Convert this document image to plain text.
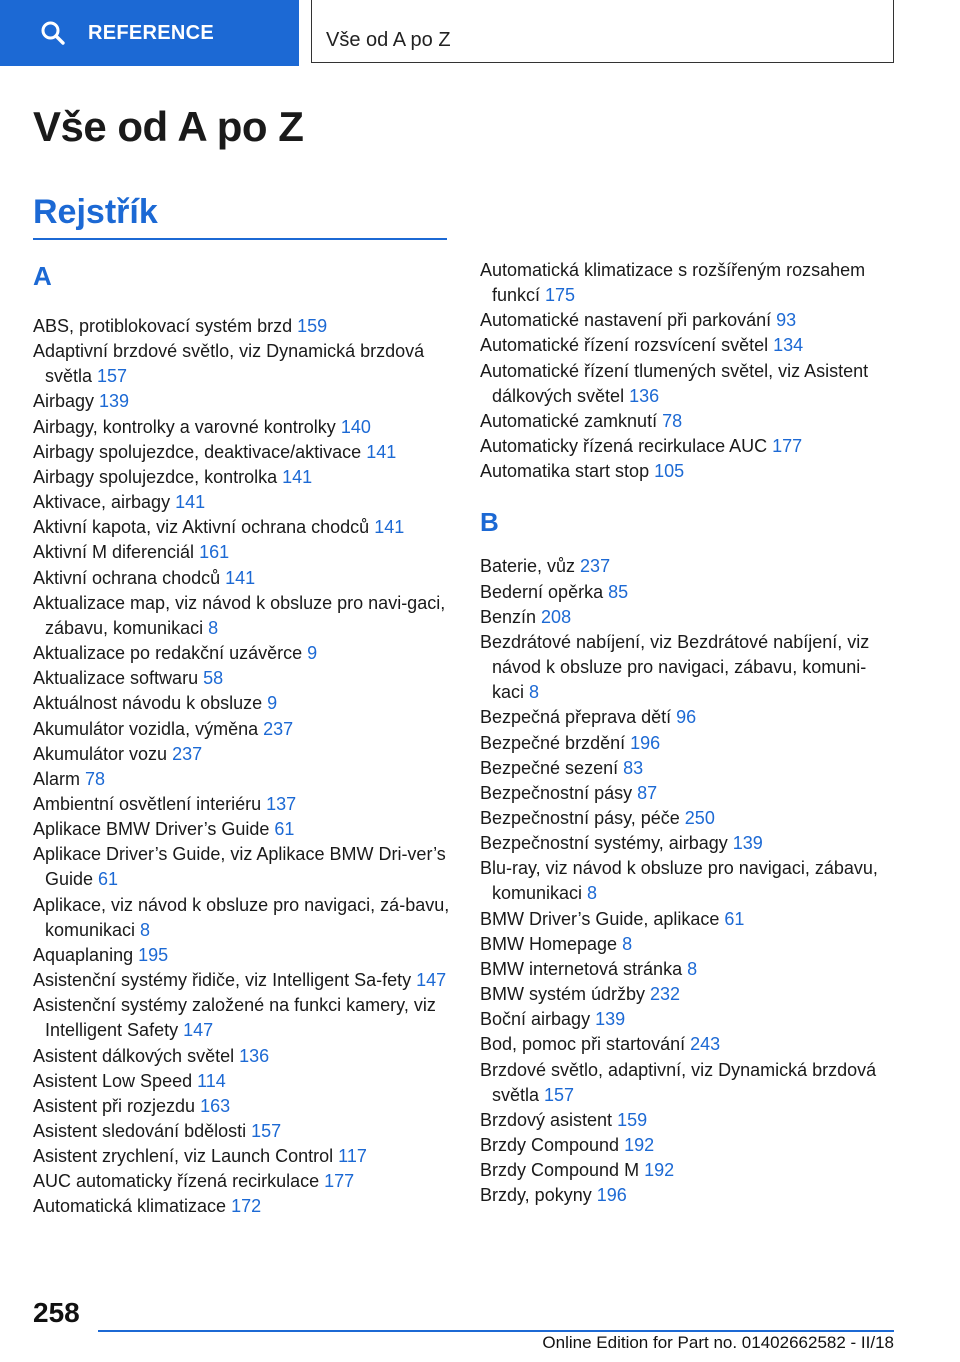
REFERENCE	Vše od A po Z
Vše od A po Z
Rejstřík
A
ABS, protiblokovací systém brzd 159
Adaptivní brzdové světlo, viz Dynamická brzdová světla 157
Airbagy 139
Airbagy, kontrolky a varovné kontrolky 140
Airbagy spolujezdce, deaktivace/aktivace 141
Airbagy spolujezdce, kontrolka 141
Aktivace, airbagy 141
Aktivní kapota, viz Aktivní ochrana chodců 141
Aktivní M diferenciál 161
Aktivní ochrana chodců 141
Aktualizace map, viz návod k obsluze pro navi-gaci, zábavu, komunikaci 8
Aktualizace po redakční uzávěrce 9
Aktualizace softwaru 58
Aktuálnost návodu k obsluze 9
Akumulátor vozidla, výměna 237
Akumulátor vozu 237
Alarm 78
Ambientní osvětlení interiéru 137
Aplikace BMW Driver’s Guide 61
Aplikace Driver’s Guide, viz Aplikace BMW Dri-ver’s Guide 61
Aplikace, viz návod k obsluze pro navigaci, zá-bavu, komunikaci 8
Aquaplaning 195
Asistenční systémy řidiče, viz Intelligent Sa-fety 147
Asistenční systémy založené na funkci kamery, viz Intelligent Safety 147
Asistent dálkových světel 136
Asistent Low Speed 114
Asistent při rozjezdu 163
Asistent sledování bdělosti 157
Asistent zrychlení, viz Launch Control 117
AUC automaticky řízená recirkulace 177
Automatická klimatizace 172
Automatická klimatizace s rozšířeným rozsahem funkcí 175
Automatické nastavení při parkování 93
Automatické řízení rozsvícení světel 134
Automatické řízení tlumených světel, viz Asistent dálkových světel 136
Automatické zamknutí 78
Automaticky řízená recirkulace AUC 177
Automatika start stop 105
B
Baterie, vůz 237
Bederní opěrka 85
Benzín 208
Bezdrátové nabíjení, viz Bezdrátové nabíjení, viz návod k obsluze pro navigaci, zábavu, komuni-kaci 8
Bezpečná přeprava dětí 96
Bezpečné brzdění 196
Bezpečné sezení 83
Bezpečnostní pásy 87
Bezpečnostní pásy, péče 250
Bezpečnostní systémy, airbagy 139
Blu-ray, viz návod k obsluze pro navigaci, zábavu, komunikaci 8
BMW Driver’s Guide, aplikace 61
BMW Homepage 8
BMW internetová stránka 8
BMW systém údržby 232
Boční airbagy 139
Bod, pomoc při startování 243
Brzdové světlo, adaptivní, viz Dynamická brzdová světla 157
Brzdový asistent 159
Brzdy Compound 192
Brzdy Compound M 192
Brzdy, pokyny 196
258
Online Edition for Part no. 01402662582 - II/18
